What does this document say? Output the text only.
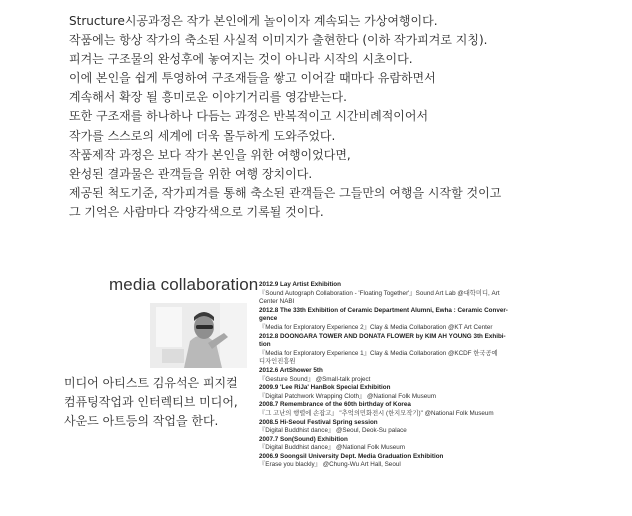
Structure시공과정은 작가 본인에게 놀이이자 계속되는 가상여행이다.

작품에는 항상 작가의 축소된 사실적 이미지가 출현한다 (이하 작가피겨로 지칭).

피겨는 구조물의 완성후에 놓여지는 것이 아니라 시작의 시초이다.

이에 본인을 쉽게 투영하여 구조재들을 쌓고 이어갈 때마다 유람하면서

계속해서 확장 될 흥미로운 이야기거리를 영감받는다.

또한 구조재를 하나하나 다듬는 과정은 반복적이고 시간비례적이어서

작가를 스스로의 세계에 더욱 몰두하게 도와주었다.

작품제작 과정은 보다 작가 본인을 위한 여행이었다면,

완성된 결과물은 관객들을 위한 여행 장치이다.

제공된 척도기준, 작가피겨를 통해 축소된 관객들은 그들만의 여행을 시작할 것이고

그 기억은 사람마다 각양각색으로 기록될 것이다.

media collaboration

미디어 아티스트 김유석은 피지컬

컴퓨팅작업과 인터렉티브 미디어,

사운드 아트등의 작업을 한다.

2012.9 Lay Artist Exhibition
『Sound Autograph Collaboration - 'Floating Together'』Sound Art Lab @대학미디, Art
Center NABI
2012.8 The 33th Exhibition of Ceramic Department Alumni, Ewha : Ceramic Conver-
gence
『Media for Exploratory Experience 2』Clay & Media Collaboration @KT Art Center
2012.8 DOONGARA TOWER AND DONATA FLOWER by KIM AH YOUNG 3th Exhibi-
tion
『Media for Exploratory Experience 1』Clay & Media Collaboration @KCDF 한국공예
디자인진흥원
2012.6 ArtShower 5th
『Gesture Sound』 @Small-talk project
2009.9 'Lee RiJa' HanBok Special Exhibition
『Digital Patchwork Wrapping Cloth』 @National Folk Museum
2008.7 Remembrance of the 60th birthday of Korea
『그 고난의 행렬에 손잡고』 "추억의민화전시 (한지모작기)" @National Folk Museum
2008.5 Hi-Seoul Festival Spring session
『Digital Buddhist dance』 @Seoul, Deok-Su palace
2007.7 Son(Sound) Exhibition
『Digital Buddhist dance』 @National Folk Museum
2006.9 Soongsil University Dept. Media Graduation Exhibition
『Erase you blackly』 @Chung-Wu Art Hall, Seoul
